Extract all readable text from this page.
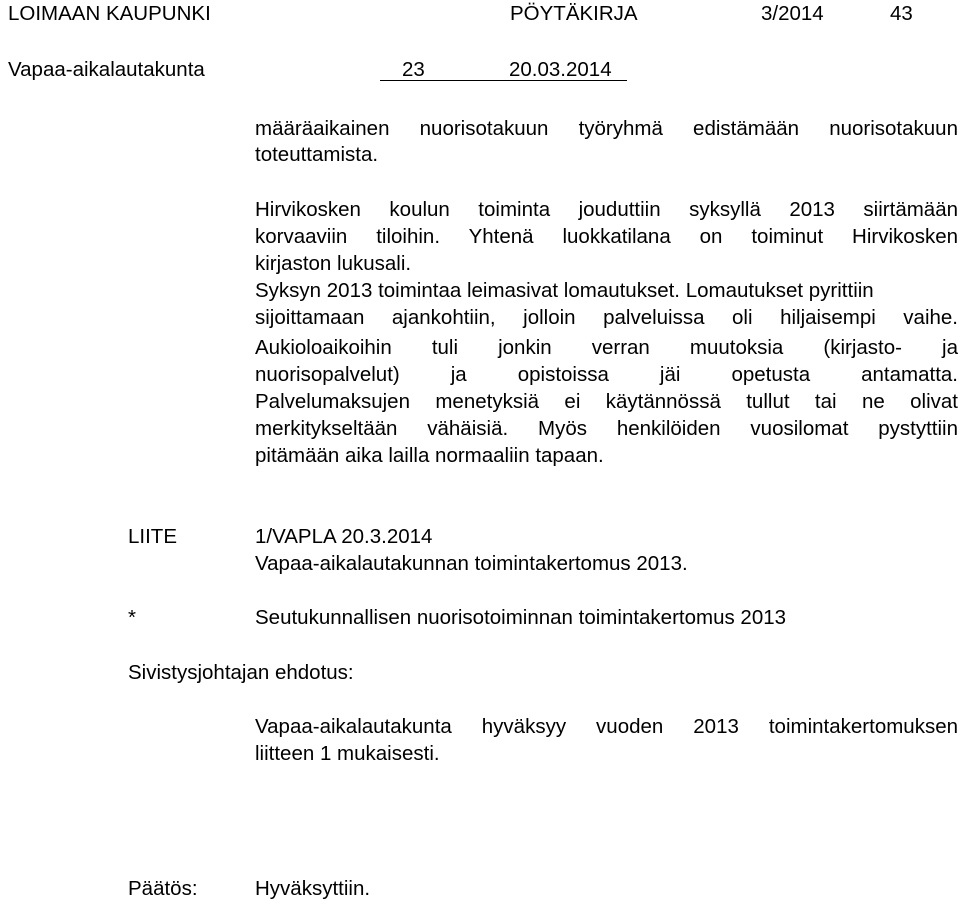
LOIMAAN KAUPUNKI	PÖYTÄKIRJA	3/2014	43
Vapaa-aikalautakunta	23	20.03.2014
määräaikainen nuorisotakuun työryhmä edistämään nuorisotakuun
toteuttamista.
Hirvikosken koulun toiminta jouduttiin syksyllä 2013 siirtämään
korvaaviin tiloihin. Yhtenä luokkatilana on toiminut Hirvikosken
kirjaston lukusali.
Syksyn 2013 toimintaa leimasivat lomautukset. Lomautukset pyrittiin
sijoittamaan ajankohtiin, jolloin palveluissa oli hiljaisempi vaihe.
Aukioloaikoihin tuli jonkin verran muutoksia (kirjasto- ja
nuorisopalvelut) ja opistoissa jäi opetusta antamatta.
Palvelumaksujen menetyksiä ei käytännössä tullut tai ne olivat
merkitykseltään vähäisiä. Myös henkilöiden vuosilomat pystyttiin
pitämään aika lailla normaaliin tapaan.
LIITE	1/VAPLA 20.3.2014
Vapaa-aikalautakunnan toimintakertomus 2013.
*	Seutukunnallisen nuorisotoiminnan toimintakertomus 2013
Sivistysjohtajan ehdotus:
Vapaa-aikalautakunta hyväksyy vuoden 2013 toimintakertomuksen
liitteen 1 mukaisesti.
Päätös:	Hyväksyttiin.
